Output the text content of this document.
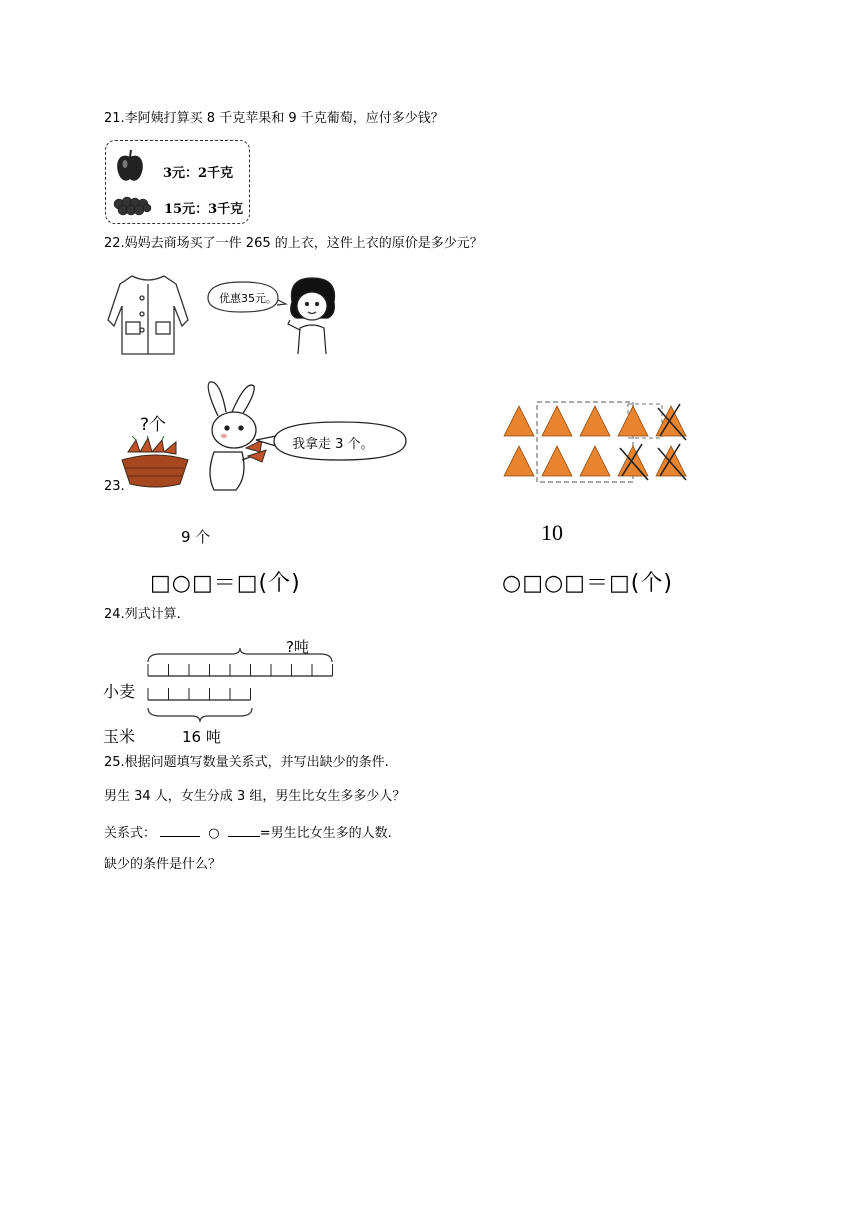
21.李阿姨打算买 8 千克苹果和 9 千克葡萄，应付多少钱？
3元：2千克
15元：3千克
22.妈妈去商场买了一件 265 的上衣，这件上衣的原价是多少元？
优惠35元。
23.
?个
我拿走 3 个。
9 个	10
□○□＝□(个)	○□○□＝□(个)
24.列式计算.
?吨
小麦
玉米	16 吨
25.根据问题填写数量关系式，并写出缺少的条件.
男生 34 人，女生分成 3 组，男生比女生多多少人？
关系式：	○	=男生比女生多的人数.
缺少的条件是什么？
